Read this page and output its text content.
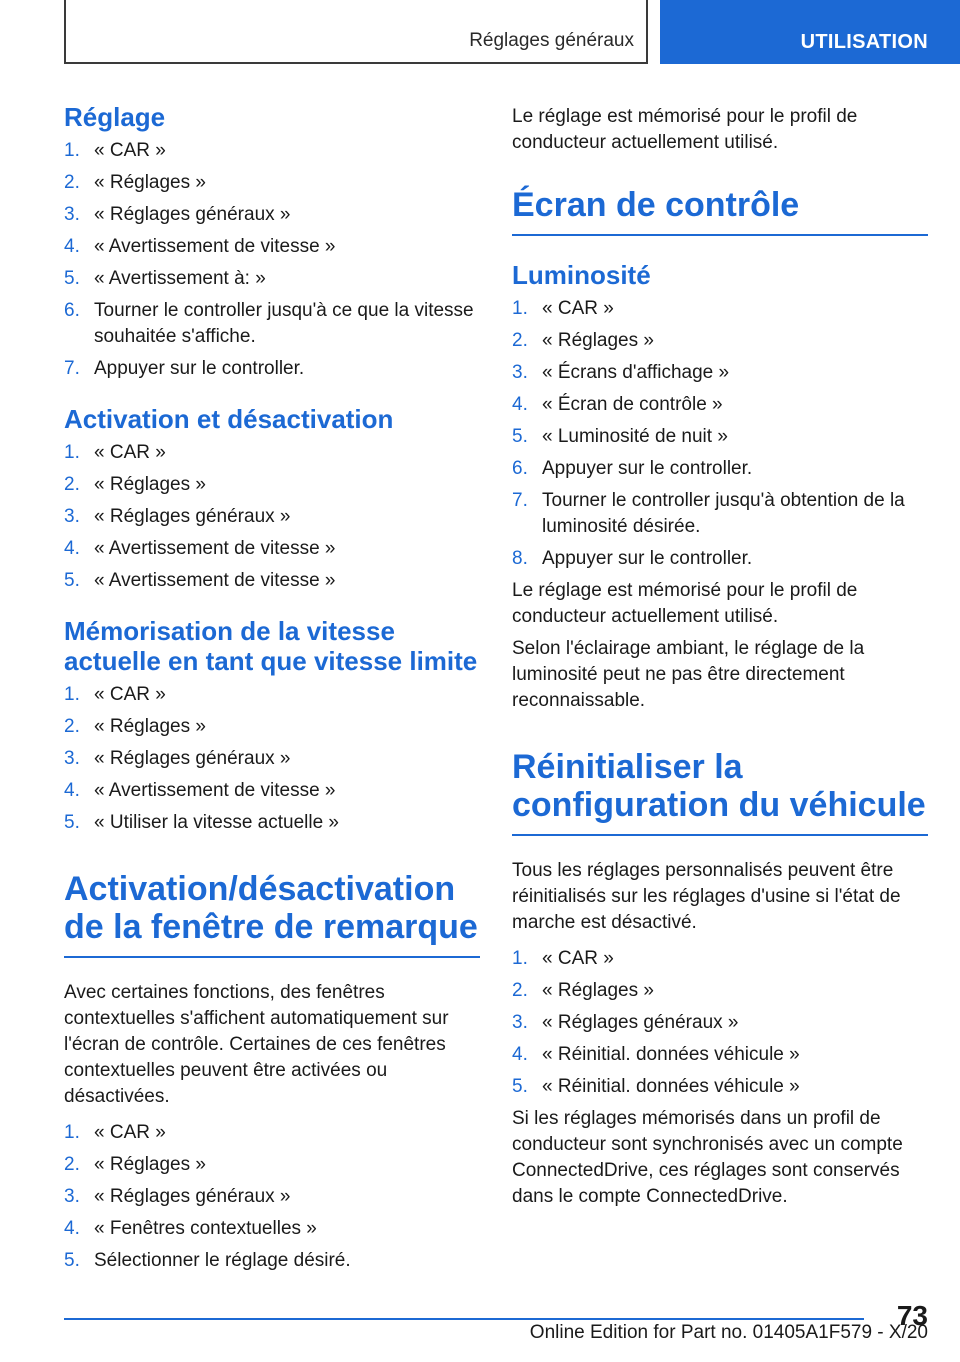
Réglages généraux	UTILISATION
Réglage
1. « CAR »
2. « Réglages »
3. « Réglages généraux »
4. « Avertissement de vitesse »
5. « Avertissement à: »
6. Tourner le controller jusqu'à ce que la vitesse souhaitée s'affiche.
7. Appuyer sur le controller.
Activation et désactivation
1. « CAR »
2. « Réglages »
3. « Réglages généraux »
4. « Avertissement de vitesse »
5. « Avertissement de vitesse »
Mémorisation de la vitesse actuelle en tant que vitesse limite
1. « CAR »
2. « Réglages »
3. « Réglages généraux »
4. « Avertissement de vitesse »
5. « Utiliser la vitesse actuelle »
Activation/désactivation de la fenêtre de remarque

Avec certaines fonctions, des fenêtres contextuelles s'affichent automatiquement sur l'écran de contrôle. Certaines de ces fenêtres contextuelles peuvent être activées ou désactivées.

1. « CAR »
2. « Réglages »
3. « Réglages généraux »
4. « Fenêtres contextuelles »
5. Sélectionner le réglage désiré.

Le réglage est mémorisé pour le profil de conducteur actuellement utilisé.

Écran de contrôle
Luminosité
1. « CAR »
2. « Réglages »
3. « Écrans d'affichage »
4. « Écran de contrôle »
5. « Luminosité de nuit »
6. Appuyer sur le controller.
7. Tourner le controller jusqu'à obtention de la luminosité désirée.
8. Appuyer sur le controller.

Le réglage est mémorisé pour le profil de conducteur actuellement utilisé.

Selon l'éclairage ambiant, le réglage de la luminosité peut ne pas être directement reconnaissable.

Réinitialiser la configuration du véhicule

Tous les réglages personnalisés peuvent être réinitialisés sur les réglages d'usine si l'état de marche est désactivé.

1. « CAR »
2. « Réglages »
3. « Réglages généraux »
4. « Réinitial. données véhicule »
5. « Réinitial. données véhicule »

Si les réglages mémorisés dans un profil de conducteur sont synchronisés avec un compte ConnectedDrive, ces réglages sont conservés dans le compte ConnectedDrive.

73
Online Edition for Part no. 01405A1F579 - X/20
